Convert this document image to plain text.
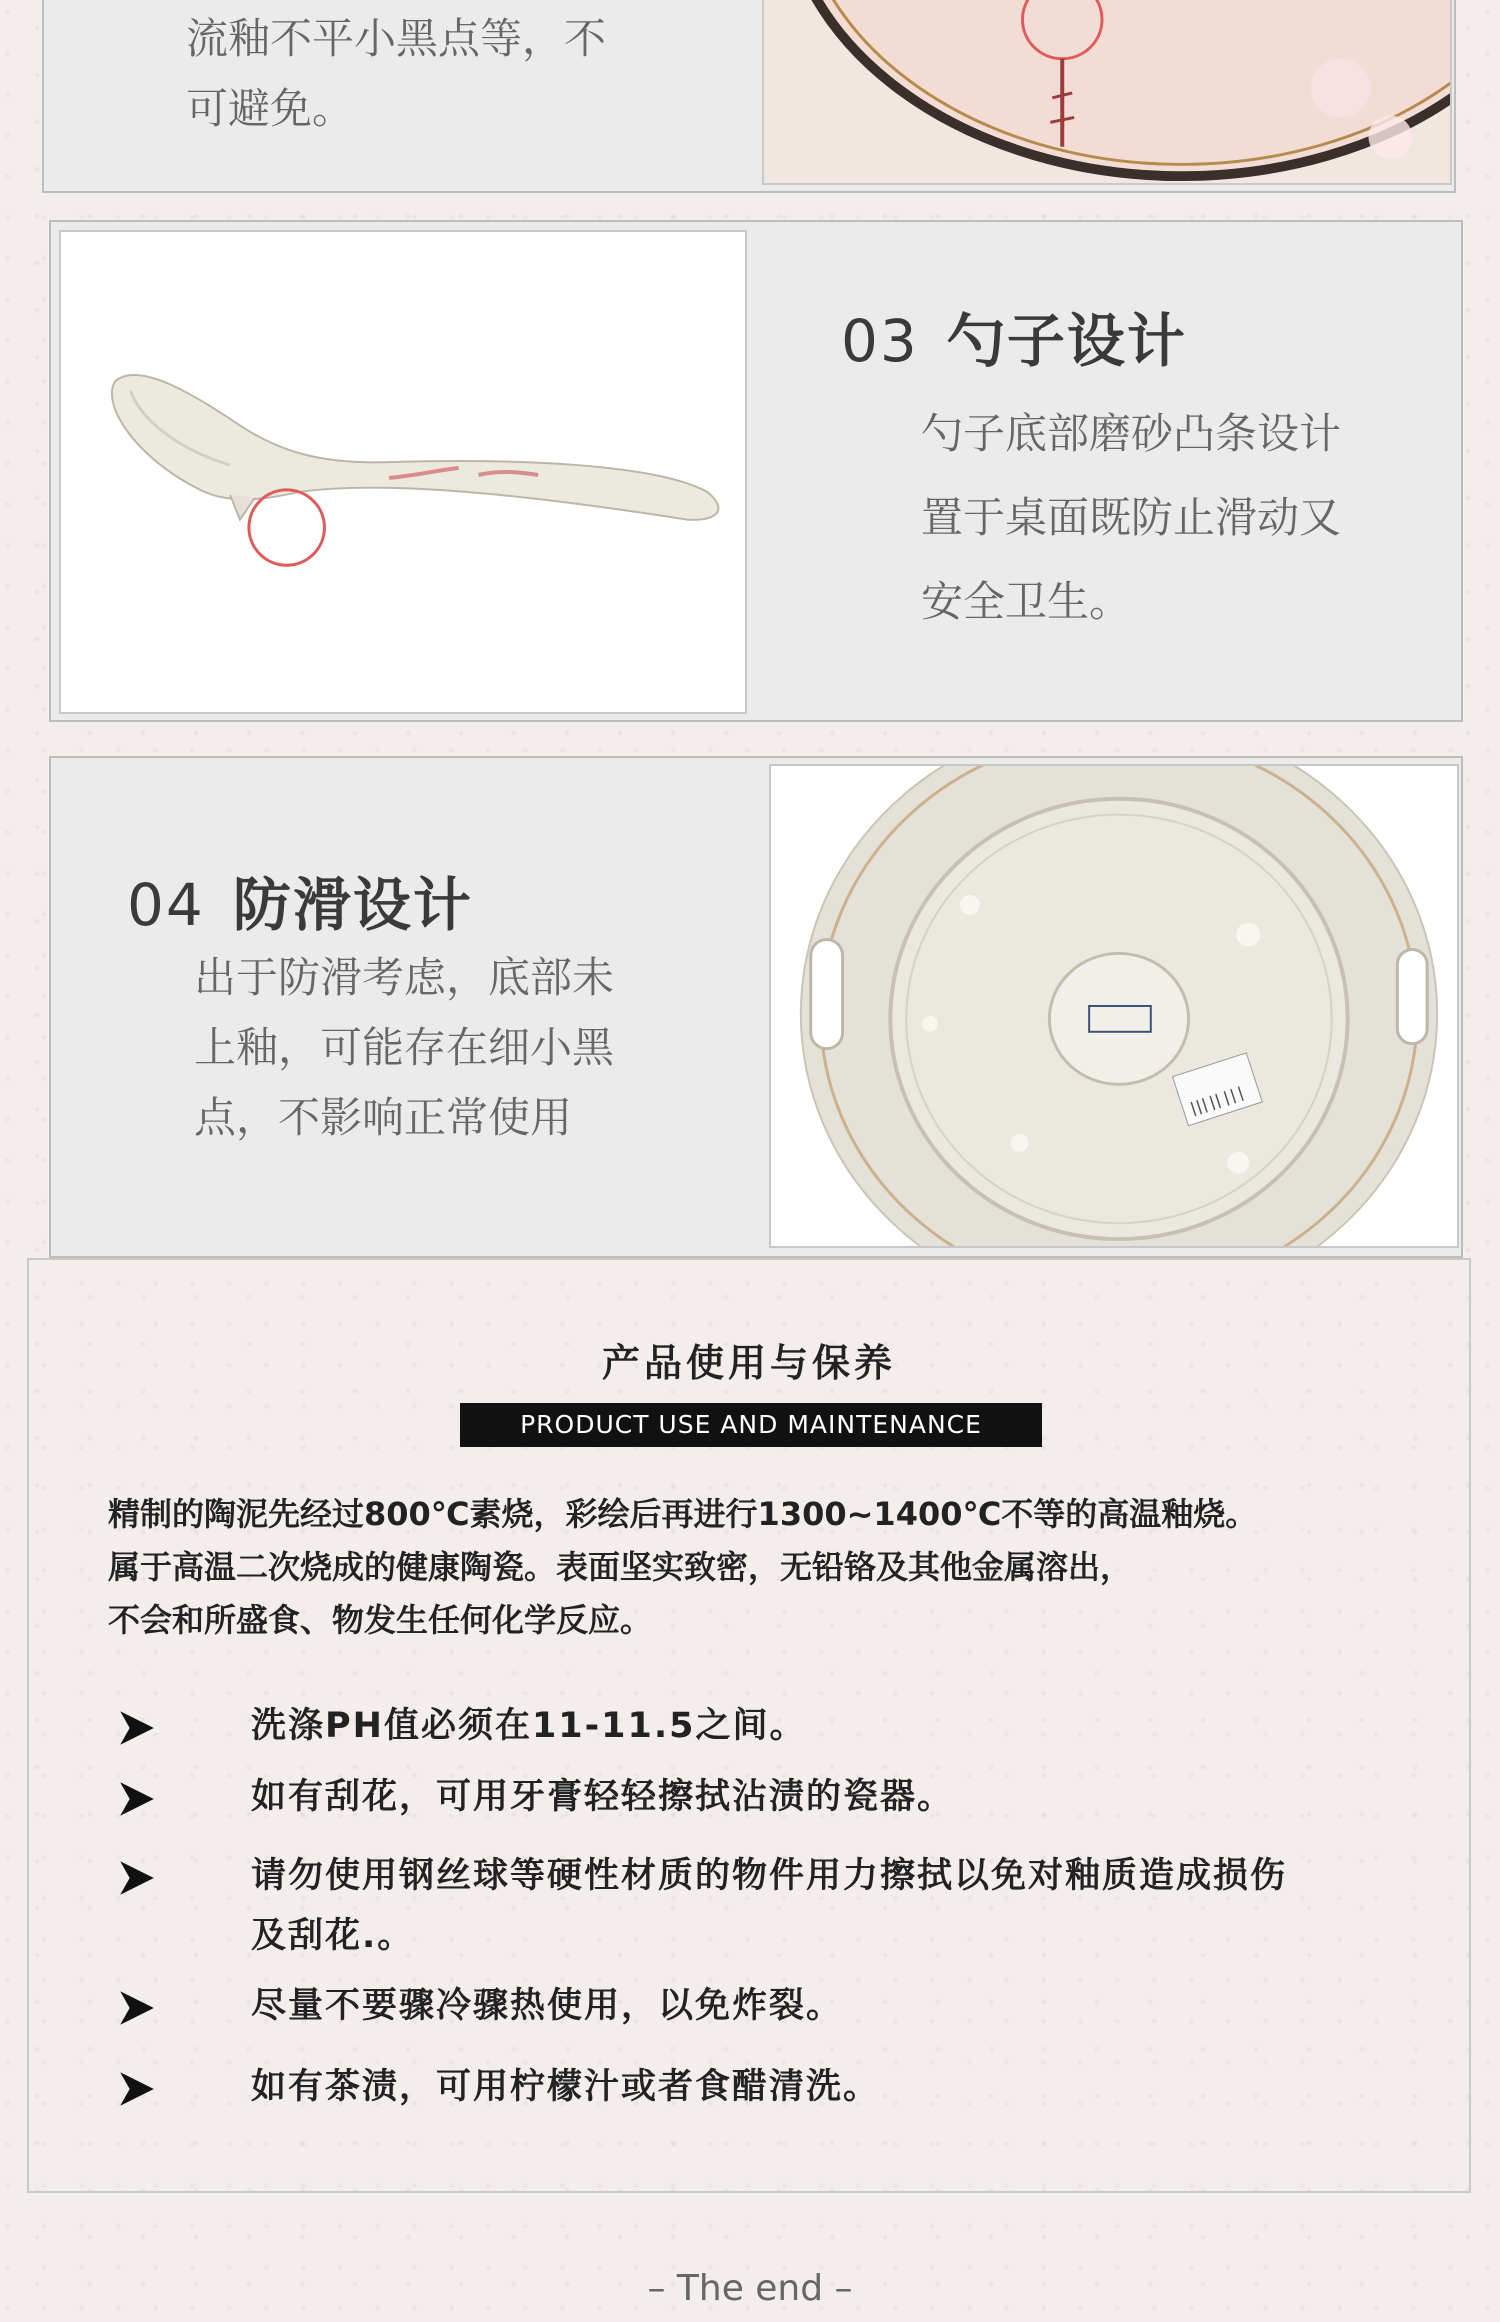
流釉不平小黑点等，不
可避免。
03 勺子设计
勺子底部磨砂凸条设计
置于桌面既防止滑动又
安全卫生。
04 防滑设计
出于防滑考虑，底部未
上釉，可能存在细小黑
点，不影响正常使用
产品使用与保养
PRODUCT USE AND MAINTENANCE
精制的陶泥先经过800℃素烧，彩绘后再进行1300~1400℃不等的高温釉烧。
属于高温二次烧成的健康陶瓷。表面坚实致密，无铅铬及其他金属溶出，
不会和所盛食、物发生任何化学反应。
洗涤PH值必须在11-11.5之间。
如有刮花，可用牙膏轻轻擦拭沾渍的瓷器。
请勿使用钢丝球等硬性材质的物件用力擦拭以免对釉质造成损伤
及刮花.。
尽量不要骤冷骤热使用，以免炸裂。
如有茶渍，可用柠檬汁或者食醋清洗。
– The end –
